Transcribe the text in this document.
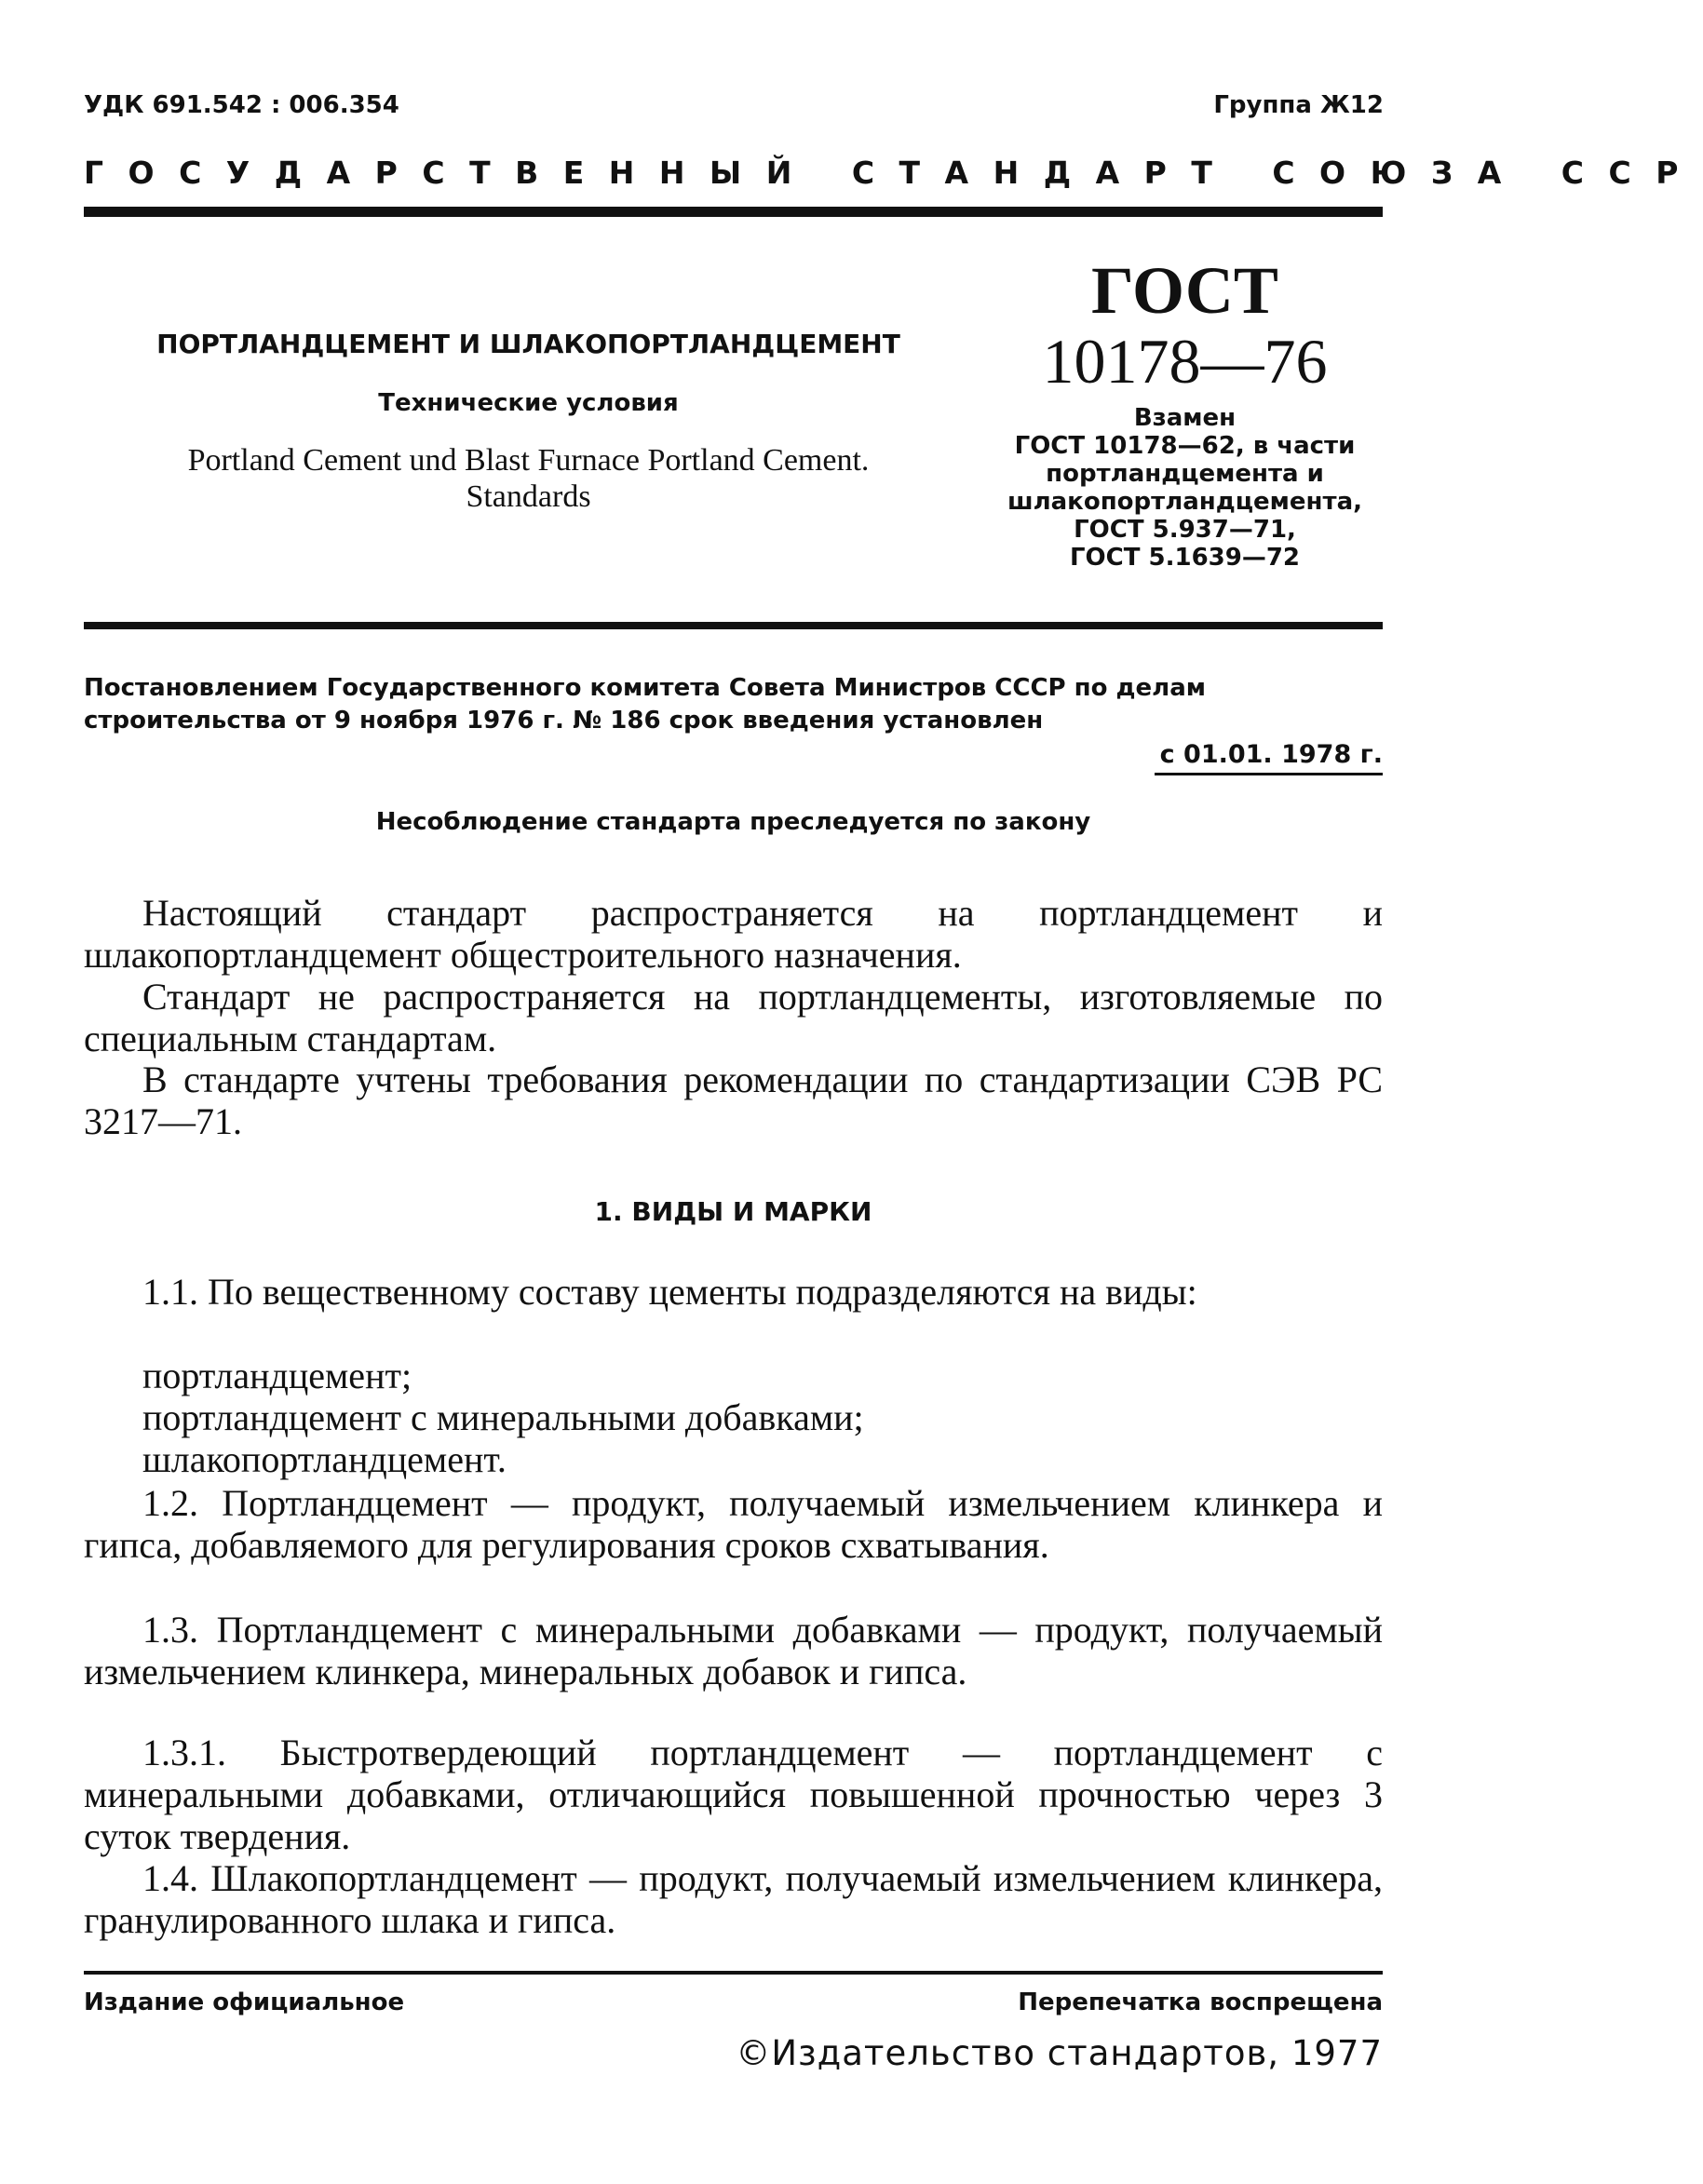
УДК 691.542 : 006.354	Группа Ж12
ГОСУДАРСТВЕННЫЙ СТАНДАРТ СОЮЗА ССР
ПОРТЛАНДЦЕМЕНТ И ШЛАКОПОРТЛАНДЦЕМЕНТ
Технические условия
Portland Cement und Blast Furnace Portland Cement.
Standards
ГОСТ
10178—76
Взамен
ГОСТ 10178—62, в части
портландцемента и
шлакопортландцемента,
ГОСТ 5.937—71,
ГОСТ 5.1639—72
Постановлением Государственного комитета Совета Министров СССР по делам
строительства от 9 ноября 1976 г. № 186 срок введения установлен
с 01.01. 1978 г.
Несоблюдение стандарта преследуется по закону
Настоящий стандарт распространяется на портландцемент и шлакопортландцемент общестроительного назначения.
Стандарт не распространяется на портландцементы, изготовляемые по специальным стандартам.
В стандарте учтены требования рекомендации по стандартизации СЭВ РС 3217—71.
1. ВИДЫ И МАРКИ
1.1. По вещественному составу цементы подразделяются на виды:
портландцемент;
портландцемент с минеральными добавками;
шлакопортландцемент.
1.2. Портландцемент — продукт, получаемый измельчением клинкера и гипса, добавляемого для регулирования сроков схватывания.
1.3. Портландцемент с минеральными добавками — продукт, получаемый измельчением клинкера, минеральных добавок и гипса.
1.3.1. Быстротвердеющий портландцемент — портландцемент с минеральными добавками, отличающийся повышенной прочностью через 3 суток твердения.
1.4. Шлакопортландцемент — продукт, получаемый измельчением клинкера, гранулированного шлака и гипса.
Издание официальное	Перепечатка воспрещена
©Издательство стандартов, 1977
